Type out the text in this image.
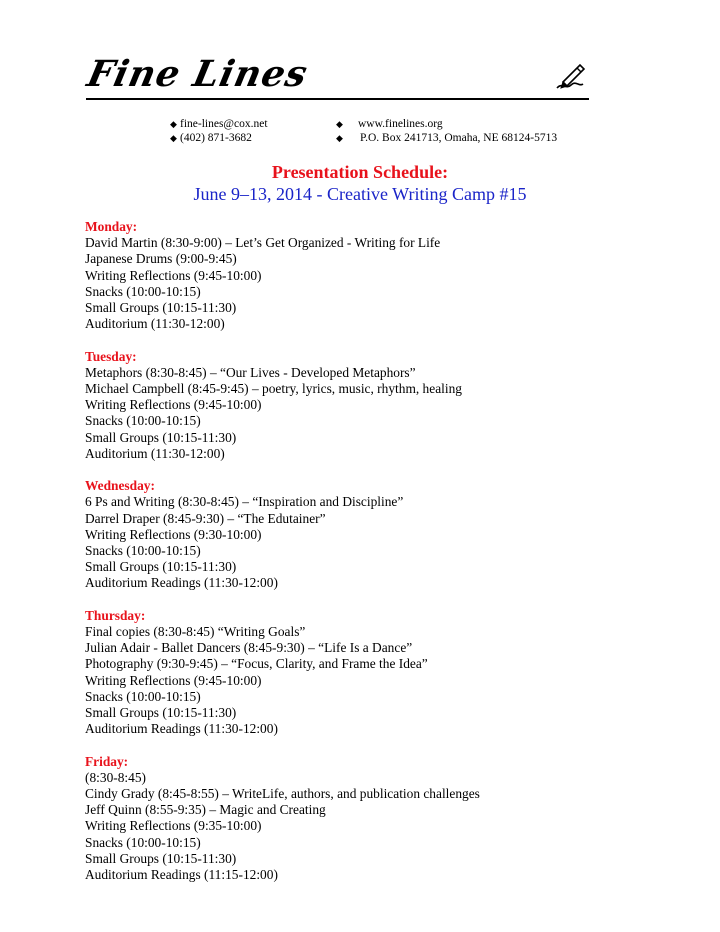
Fine Lines
◆ fine-lines@cox.net
◆ (402) 871-3682
◆ www.finelines.org
◆ P.O. Box 241713, Omaha, NE 68124-5713
Presentation Schedule:
June 9–13, 2014 - Creative Writing Camp #15
Monday:
David Martin (8:30-9:00) – Let’s Get Organized - Writing for Life
Japanese Drums (9:00-9:45)
Writing Reflections (9:45-10:00)
Snacks (10:00-10:15)
Small Groups (10:15-11:30)
Auditorium (11:30-12:00)
Tuesday:
Metaphors (8:30-8:45) – “Our Lives - Developed Metaphors”
Michael Campbell (8:45-9:45) – poetry, lyrics, music, rhythm, healing
Writing Reflections (9:45-10:00)
Snacks (10:00-10:15)
Small Groups (10:15-11:30)
Auditorium (11:30-12:00)
Wednesday:
6 Ps and Writing (8:30-8:45) – “Inspiration and Discipline”
Darrel Draper (8:45-9:30) – “The Edutainer”
Writing Reflections (9:30-10:00)
Snacks (10:00-10:15)
Small Groups (10:15-11:30)
Auditorium Readings (11:30-12:00)
Thursday:
Final copies (8:30-8:45) “Writing Goals”
Julian Adair - Ballet Dancers (8:45-9:30) – “Life Is a Dance”
Photography (9:30-9:45) – “Focus, Clarity, and Frame the Idea”
Writing Reflections (9:45-10:00)
Snacks (10:00-10:15)
Small Groups (10:15-11:30)
Auditorium Readings (11:30-12:00)
Friday:
(8:30-8:45)
Cindy Grady (8:45-8:55) – WriteLife, authors, and publication challenges
Jeff Quinn (8:55-9:35) – Magic and Creating
Writing Reflections (9:35-10:00)
Snacks (10:00-10:15)
Small Groups (10:15-11:30)
Auditorium Readings (11:15-12:00)
